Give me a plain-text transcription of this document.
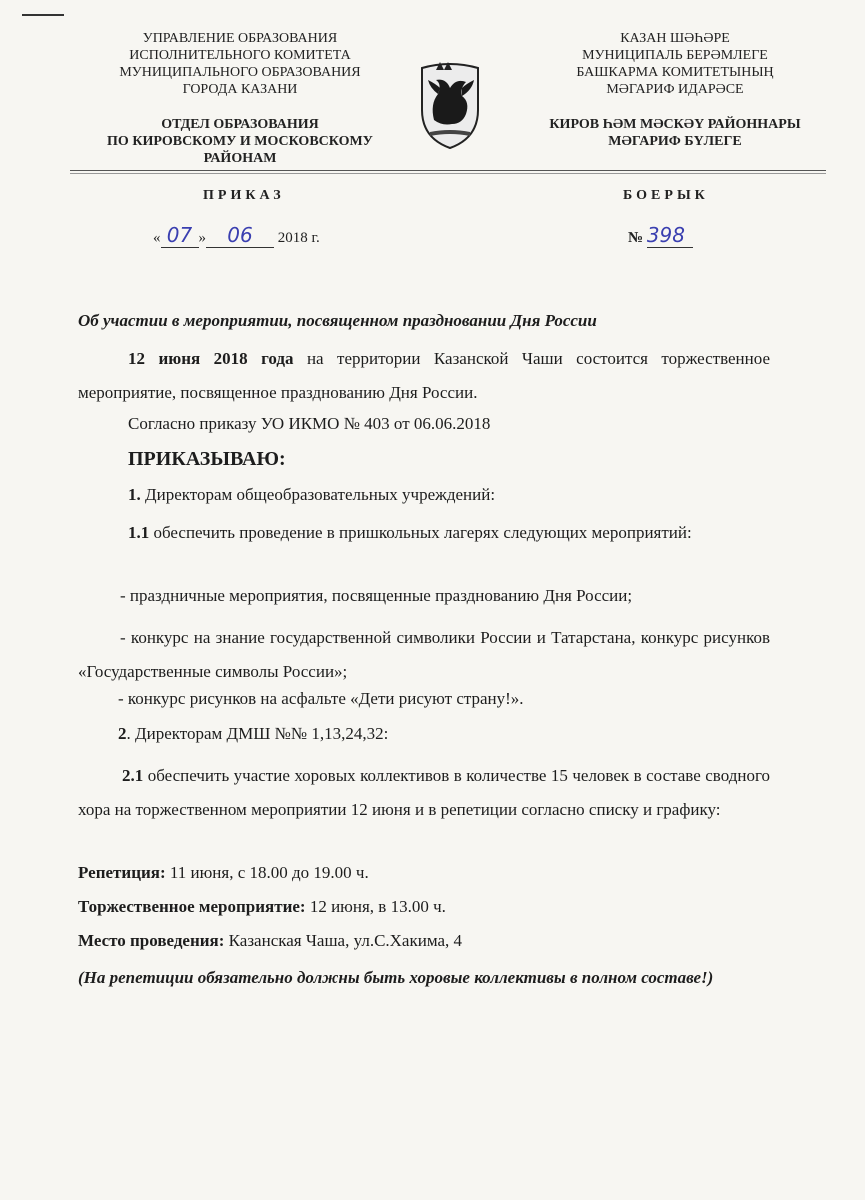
УПРАВЛЕНИЕ ОБРАЗОВАНИЯ
ИСПОЛНИТЕЛЬНОГО КОМИТЕТА
МУНИЦИПАЛЬНОГО ОБРАЗОВАНИЯ
ГОРОДА КАЗАНИ
ОТДЕЛ ОБРАЗОВАНИЯ
ПО КИРОВСКОМУ И МОСКОВСКОМУ
РАЙОНАМ
КАЗАН ШӘҺӘРЕ
МУНИЦИПАЛЬ БЕРӘМЛЕГЕ
БАШКАРМА КОМИТЕТЫНЫҢ
МӘГАРИФ ИДАРӘСЕ
КИРОВ ҺӘМ МӘСКӘҮ РАЙОННАРЫ
МӘГАРИФ БҮЛЕГЕ
ПРИКАЗ	БОЕРЫК
« 07 » 06 2018 г.	№ 398
Об участии в мероприятии, посвященном праздновании Дня России
12 июня 2018 года на территории Казанской Чаши состоится торжественное мероприятие, посвященное празднованию Дня России.
Согласно приказу УО ИКМО № 403 от 06.06.2018
ПРИКАЗЫВАЮ:
1. Директорам общеобразовательных учреждений:
1.1 обеспечить проведение в пришкольных лагерях следующих мероприятий:
- праздничные мероприятия, посвященные празднованию Дня России;
- конкурс на знание государственной символики России и Татарстана, конкурс рисунков «Государственные символы России»;
- конкурс рисунков на асфальте «Дети рисуют страну!».
2. Директорам ДМШ №№ 1,13,24,32:
2.1 обеспечить участие хоровых коллективов в количестве 15 человек в составе сводного хора на торжественном мероприятии 12 июня и в репетиции согласно списку и графику:
Репетиция: 11 июня, с 18.00 до 19.00 ч.
Торжественное мероприятие: 12 июня, в 13.00 ч.
Место проведения: Казанская Чаша, ул.С.Хакима, 4
(На репетиции обязательно должны быть хоровые коллективы в полном составе!)
